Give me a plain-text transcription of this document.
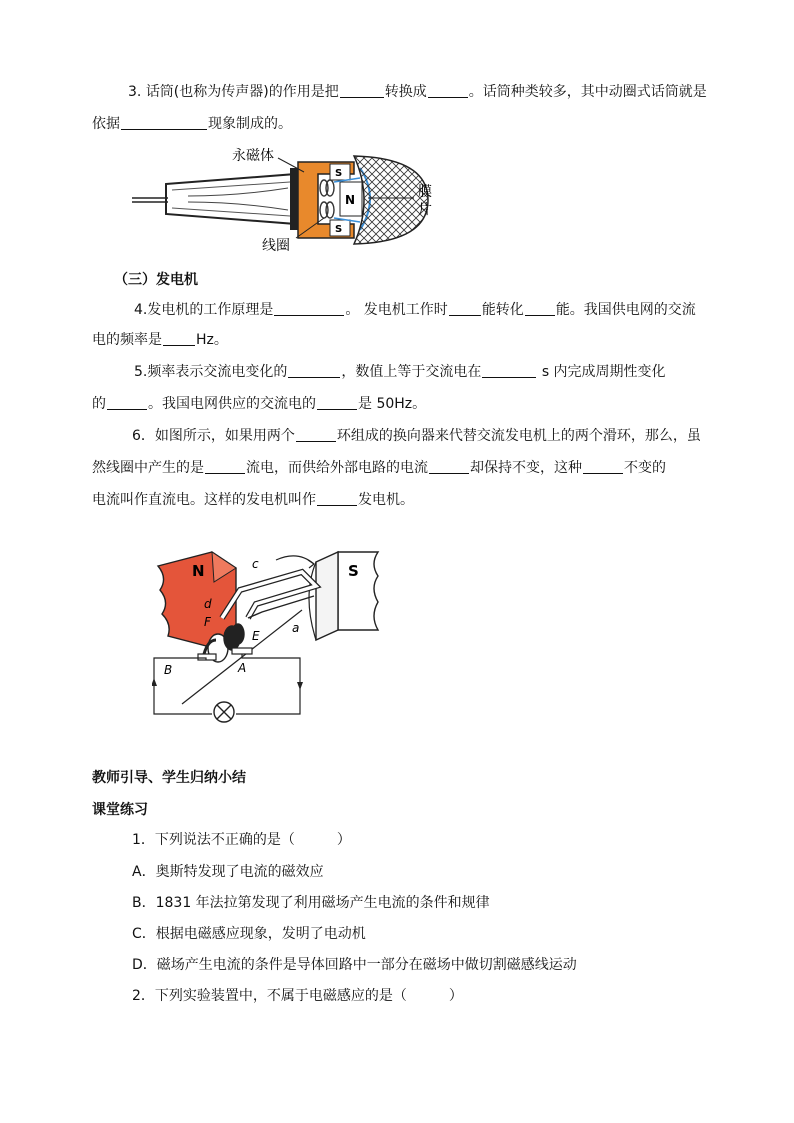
3. 话筒(也称为传声器)的作用是把	转换成	。话筒种类较多，其中动圈式话筒就是
依据	现象制成的。
S
N
S
永磁体
线圈
膜
片
（三）发电机
4.发电机的工作原理是	。 发电机工作时 能转化 能。我国供电网的交流
电的频率是 Hz。
5.频率表示交流电变化的	，数值上等于交流电在	s 内完成周期性变化
的	。我国电网供应的交流电的	是 50Hz。
6．如图所示，如果用两个	环组成的换向器来代替交流发电机上的两个滑环，那么，虽
然线圈中产生的是	流电，而供给外部电路的电流	却保持不变，这种	不变的
电流叫作直流电。这样的发电机叫作	发电机。
N	S
c
d
F
E
a
B	A
教师引导、学生归纳小结
课堂练习
1．下列说法不正确的是（　　　）
A．奥斯特发现了电流的磁效应
B．1831 年法拉第发现了利用磁场产生电流的条件和规律
C．根据电磁感应现象，发明了电动机
D．磁场产生电流的条件是导体回路中一部分在磁场中做切割磁感线运动
2．下列实验装置中，不属于电磁感应的是（　　　）
